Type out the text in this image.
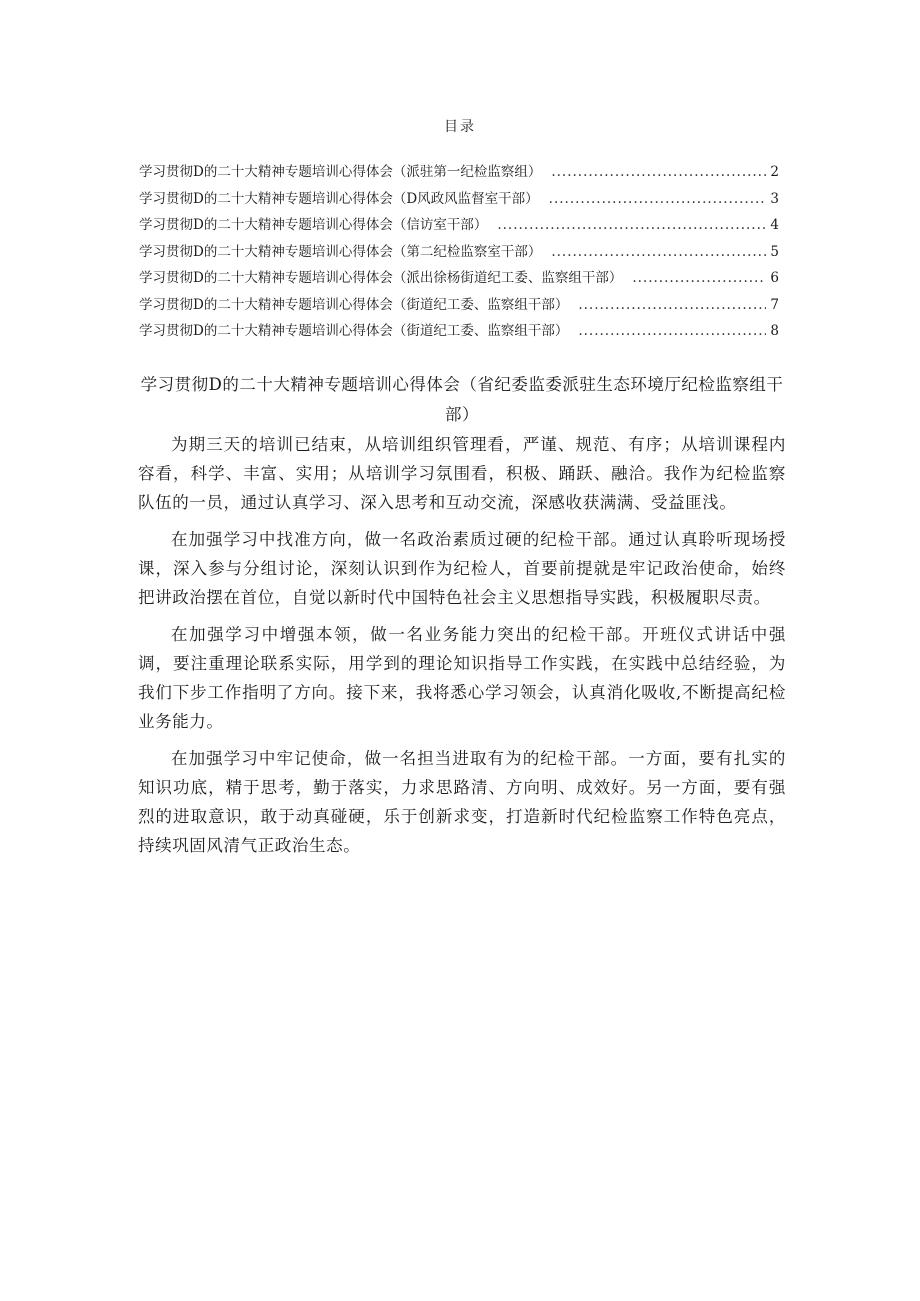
目录
学习贯彻D的二十大精神专题培训心得体会（派驻第一纪检监察组） .....	2
学习贯彻D的二十大精神专题培训心得体会（D风政风监督室干部） .....	3
学习贯彻D的二十大精神专题培训心得体会（信访室干部） .....	4
学习贯彻D的二十大精神专题培训心得体会（第二纪检监察室干部） .....	5
学习贯彻D的二十大精神专题培训心得体会（派出徐杨街道纪工委、监察组干部） .....	6
学习贯彻D的二十大精神专题培训心得体会（街道纪工委、监察组干部） .....	7
学习贯彻D的二十大精神专题培训心得体会（街道纪工委、监察组干部） .....	8
学习贯彻D的二十大精神专题培训心得体会（省纪委监委派驻生态环境厅纪检监察组干部）

为期三天的培训已结束，从培训组织管理看，严谨、规范、有序；从培训课程内容看，科学、丰富、实用；从培训学习氛围看，积极、踊跃、融洽。我作为纪检监察队伍的一员，通过认真学习、深入思考和互动交流，深感收获满满、受益匪浅。

在加强学习中找准方向，做一名政治素质过硬的纪检干部。通过认真聆听现场授课，深入参与分组讨论，深刻认识到作为纪检人，首要前提就是牢记政治使命，始终把讲政治摆在首位，自觉以新时代中国特色社会主义思想指导实践，积极履职尽责。

在加强学习中增强本领，做一名业务能力突出的纪检干部。开班仪式讲话中强调，要注重理论联系实际，用学到的理论知识指导工作实践，在实践中总结经验，为我们下步工作指明了方向。接下来，我将悉心学习领会，认真消化吸收,不断提高纪检业务能力。

在加强学习中牢记使命，做一名担当进取有为的纪检干部。一方面，要有扎实的知识功底，精于思考，勤于落实，力求思路清、方向明、成效好。另一方面，要有强烈的进取意识，敢于动真碰硬，乐于创新求变，打造新时代纪检监察工作特色亮点，持续巩固风清气正政治生态。
